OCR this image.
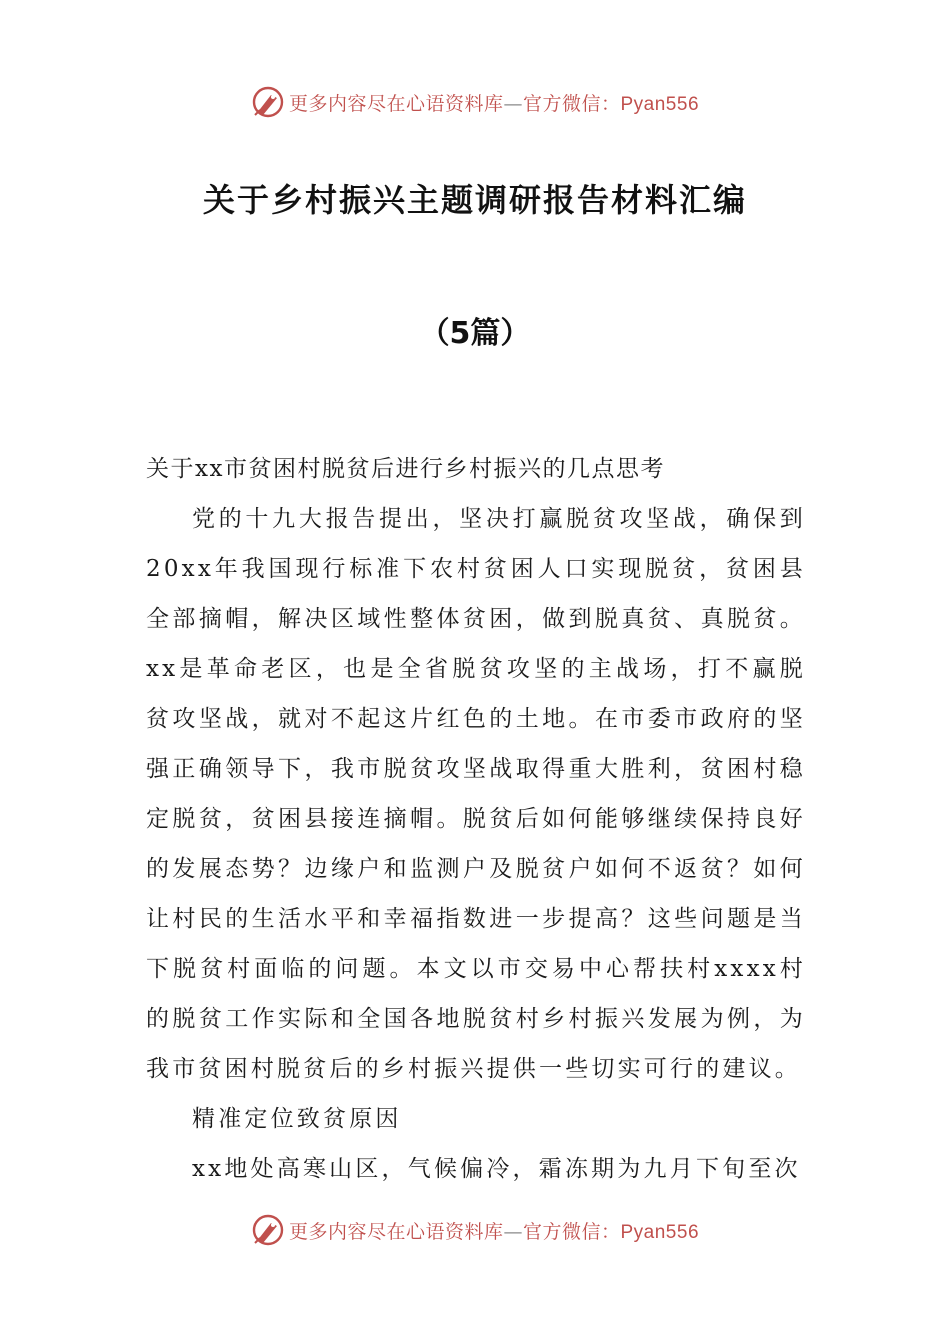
更多内容尽在心语资料库—官方微信：Pyan556
关于乡村振兴主题调研报告材料汇编
（5篇）

关于xx市贫困村脱贫后进行乡村振兴的几点思考

党的十九大报告提出，坚决打赢脱贫攻坚战，确保到20xx年我国现行标准下农村贫困人口实现脱贫，贫困县全部摘帽，解决区域性整体贫困，做到脱真贫、真脱贫。xx是革命老区，也是全省脱贫攻坚的主战场，打不赢脱贫攻坚战，就对不起这片红色的土地。在市委市政府的坚强正确领导下，我市脱贫攻坚战取得重大胜利，贫困村稳定脱贫，贫困县接连摘帽。脱贫后如何能够继续保持良好的发展态势？边缘户和监测户及脱贫户如何不返贫？如何让村民的生活水平和幸福指数进一步提高？这些问题是当下脱贫村面临的问题。本文以市交易中心帮扶村xxxx村的脱贫工作实际和全国各地脱贫村乡村振兴发展为例，为我市贫困村脱贫后的乡村振兴提供一些切实可行的建议。

精准定位致贫原因

xx地处高寒山区，气候偏冷，霜冻期为九月下旬至次

更多内容尽在心语资料库—官方微信：Pyan556
